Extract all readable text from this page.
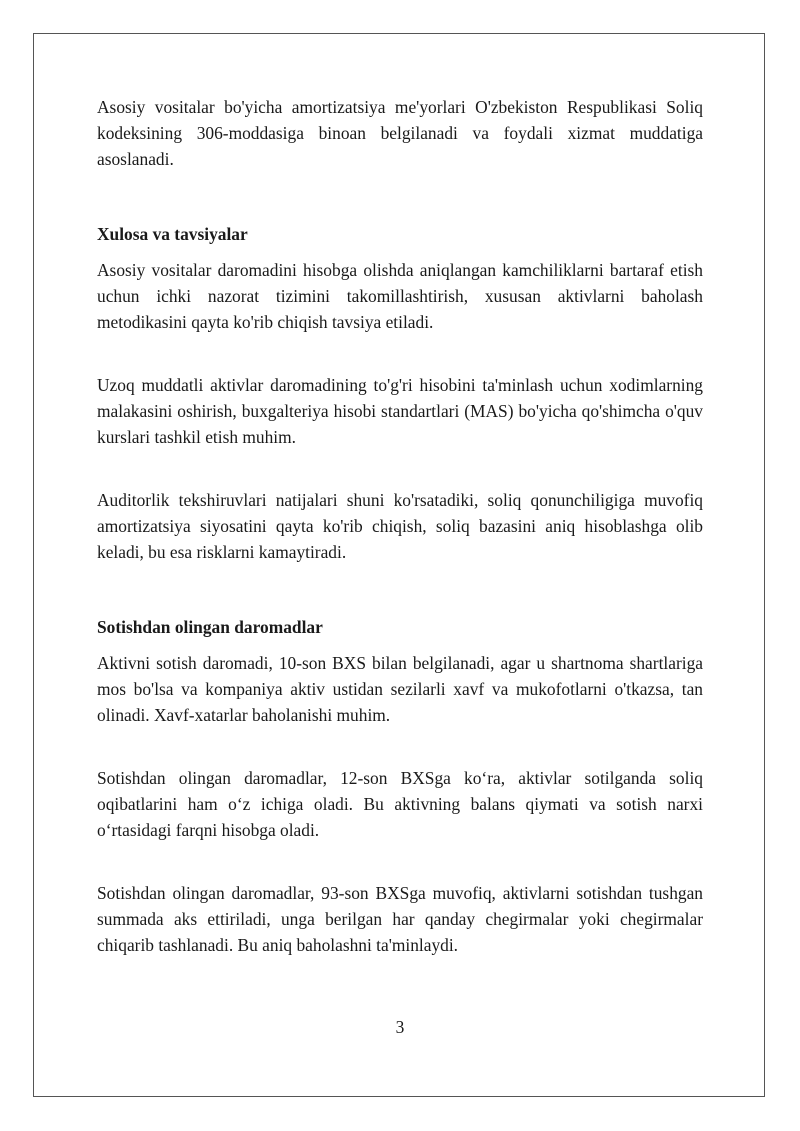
Asosiy vositalar bo'yicha amortizatsiya me'yorlari O'zbekiston Respublikasi Soliq kodeksining 306-moddasiga binoan belgilanadi va foydali xizmat muddatiga asoslanadi.

Xulosa va tavsiyalar

Asosiy vositalar daromadini hisobga olishda aniqlangan kamchiliklarni bartaraf etish uchun ichki nazorat tizimini takomillashtirish, xususan aktivlarni baholash metodikasini qayta ko'rib chiqish tavsiya etiladi.

Uzoq muddatli aktivlar daromadining to'g'ri hisobini ta'minlash uchun xodimlarning malakasini oshirish, buxgalteriya hisobi standartlari (MAS) bo'yicha qo'shimcha o'quv kurslari tashkil etish muhim.

Auditorlik tekshiruvlari natijalari shuni ko'rsatadiki, soliq qonunchiligiga muvofiq amortizatsiya siyosatini qayta ko'rib chiqish, soliq bazasini aniq hisoblashga olib keladi, bu esa risklarni kamaytiradi.

Sotishdan olingan daromadlar

Aktivni sotish daromadi, 10-son BXS bilan belgilanadi, agar u shartnoma shartlariga mos bo'lsa va kompaniya aktiv ustidan sezilarli xavf va mukofotlarni o'tkazsa, tan olinadi. Xavf-xatarlar baholanishi muhim.

Sotishdan olingan daromadlar, 12-son BXSga ko‘ra, aktivlar sotilganda soliq oqibatlarini ham o‘z ichiga oladi. Bu aktivning balans qiymati va sotish narxi o‘rtasidagi farqni hisobga oladi.

Sotishdan olingan daromadlar, 93-son BXSga muvofiq, aktivlarni sotishdan tushgan summada aks ettiriladi, unga berilgan har qanday chegirmalar yoki chegirmalar chiqarib tashlanadi. Bu aniq baholashni ta'minlaydi.

3
